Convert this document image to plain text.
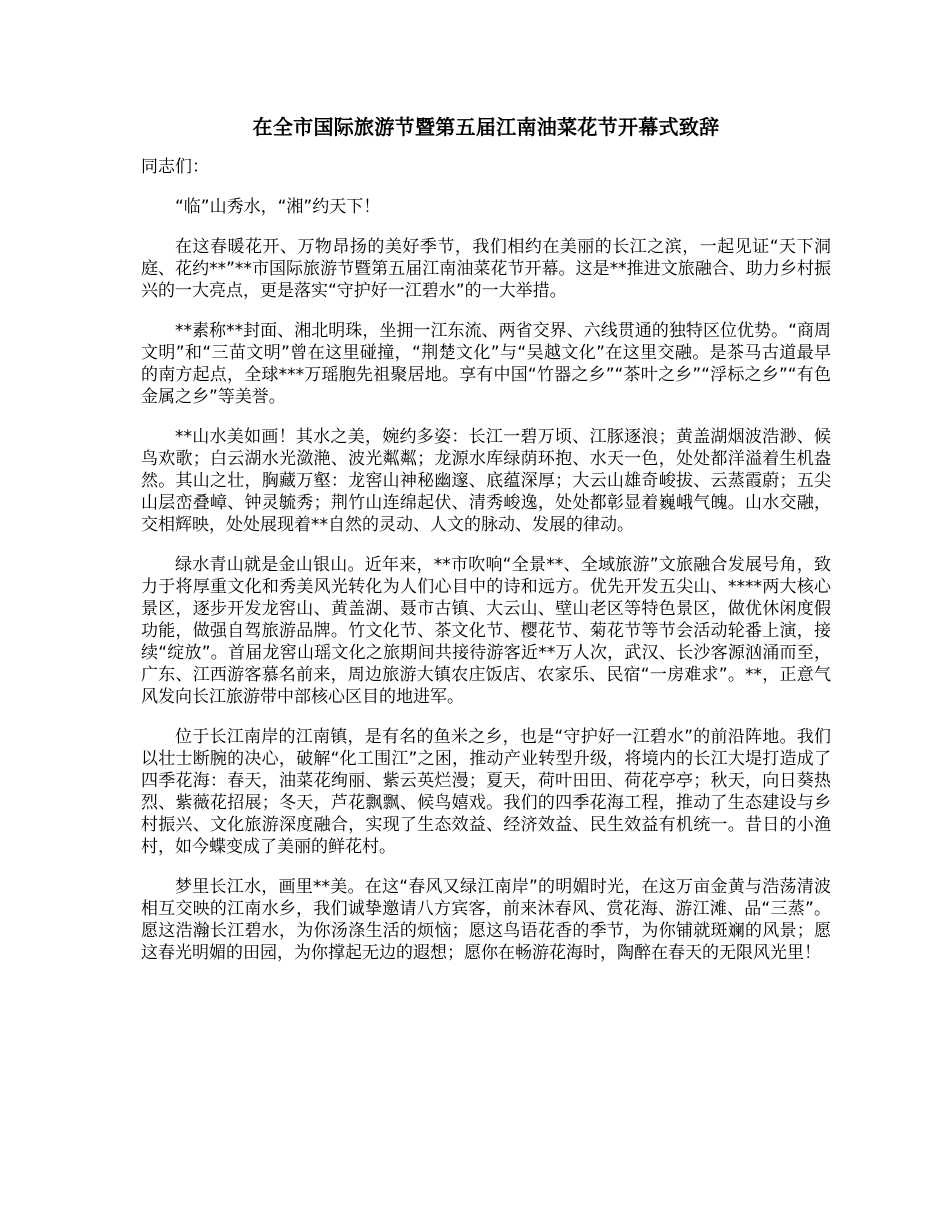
在全市国际旅游节暨第五届江南油菜花节开幕式致辞

同志们：

“临”山秀水，“湘”约天下！

在这春暖花开、万物昂扬的美好季节，我们相约在美丽的长江之滨，一起见证“天下洞庭、花约**”**市国际旅游节暨第五届江南油菜花节开幕。这是**推进文旅融合、助力乡村振兴的一大亮点，更是落实“守护好一江碧水”的一大举措。

**素称**封面、湘北明珠，坐拥一江东流、两省交界、六线贯通的独特区位优势。“商周文明”和“三苗文明”曾在这里碰撞，“荆楚文化”与“吴越文化”在这里交融。是茶马古道最早的南方起点，全球***万瑶胞先祖聚居地。享有中国“竹器之乡”“茶叶之乡”“浮标之乡”“有色金属之乡”等美誉。

**山水美如画！其水之美，婉约多姿：长江一碧万顷、江豚逐浪；黄盖湖烟波浩渺、候鸟欢歌；白云湖水光潋滟、波光粼粼；龙源水库绿荫环抱、水天一色，处处都洋溢着生机盎然。其山之壮，胸藏万壑：龙窖山神秘幽邃、底蕴深厚；大云山雄奇峻拔、云蒸霞蔚；五尖山层峦叠嶂、钟灵毓秀；荆竹山连绵起伏、清秀峻逸，处处都彰显着巍峨气魄。山水交融，交相辉映，处处展现着**自然的灵动、人文的脉动、发展的律动。

绿水青山就是金山银山。近年来，**市吹响“全景**、全域旅游”文旅融合发展号角，致力于将厚重文化和秀美风光转化为人们心目中的诗和远方。优先开发五尖山、****两大核心景区，逐步开发龙窖山、黄盖湖、聂市古镇、大云山、壁山老区等特色景区，做优休闲度假功能，做强自驾旅游品牌。竹文化节、茶文化节、樱花节、菊花节等节会活动轮番上演，接续“绽放”。首届龙窖山瑶文化之旅期间共接待游客近**万人次，武汉、长沙客源汹涌而至，广东、江西游客慕名前来，周边旅游大镇农庄饭店、农家乐、民宿“一房难求”。**，正意气风发向长江旅游带中部核心区目的地进军。

位于长江南岸的江南镇，是有名的鱼米之乡，也是“守护好一江碧水”的前沿阵地。我们以壮士断腕的决心，破解“化工围江”之困，推动产业转型升级，将境内的长江大堤打造成了四季花海：春天，油菜花绚丽、紫云英烂漫；夏天，荷叶田田、荷花亭亭；秋天，向日葵热烈、紫薇花招展；冬天，芦花飘飘、候鸟嬉戏。我们的四季花海工程，推动了生态建设与乡村振兴、文化旅游深度融合，实现了生态效益、经济效益、民生效益有机统一。昔日的小渔村，如今蝶变成了美丽的鲜花村。

梦里长江水，画里**美。在这“春风又绿江南岸”的明媚时光，在这万亩金黄与浩荡清波相互交映的江南水乡，我们诚挚邀请八方宾客，前来沐春风、赏花海、游江滩、品“三蒸”。愿这浩瀚长江碧水，为你汤涤生活的烦恼；愿这鸟语花香的季节，为你铺就斑斓的风景；愿这春光明媚的田园，为你撑起无边的遐想；愿你在畅游花海时，陶醉在春天的无限风光里！
